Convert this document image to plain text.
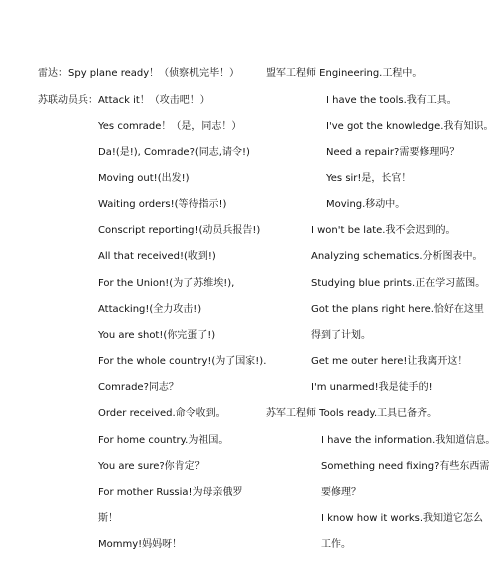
雷达：Spy plane ready！（侦察机完毕！）
苏联动员兵：Attack it！（攻击吧！）
Yes comrade！（是，同志！）
Da!(是!), Comrade?(同志,请令!)
Moving out!(出发!)
Waiting orders!(等待指示!)
Conscript reporting!(动员兵报告!)
All that received!(收到!)
For the Union!(为了苏维埃!),
Attacking!(全力攻击!)
You are shot!(你完蛋了!)
For the whole country!(为了国家!).
Comrade?同志？
Order received.命令收到。
For home country.为祖国。
You are sure?你肯定？
For mother Russia!为母亲俄罗
斯！
Mommy!妈妈呀！
盟军工程师 Engineering.工程中。
I have the tools.我有工具。
I've got the knowledge.我有知识。
Need a repair?需要修理吗？
Yes sir!是，长官！
Moving.移动中。
I won't be late.我不会迟到的。
Analyzing schematics.分析图表中。
Studying blue prints.正在学习蓝图。
Got the plans right here.恰好在这里
得到了计划。
Get me outer here!让我离开这！
I'm unarmed!我是徒手的!
苏军工程师 Tools ready.工具已备齐。
I have the information.我知道信息。
Something need fixing?有些东西需
要修理？
I know how it works.我知道它怎么
工作。
